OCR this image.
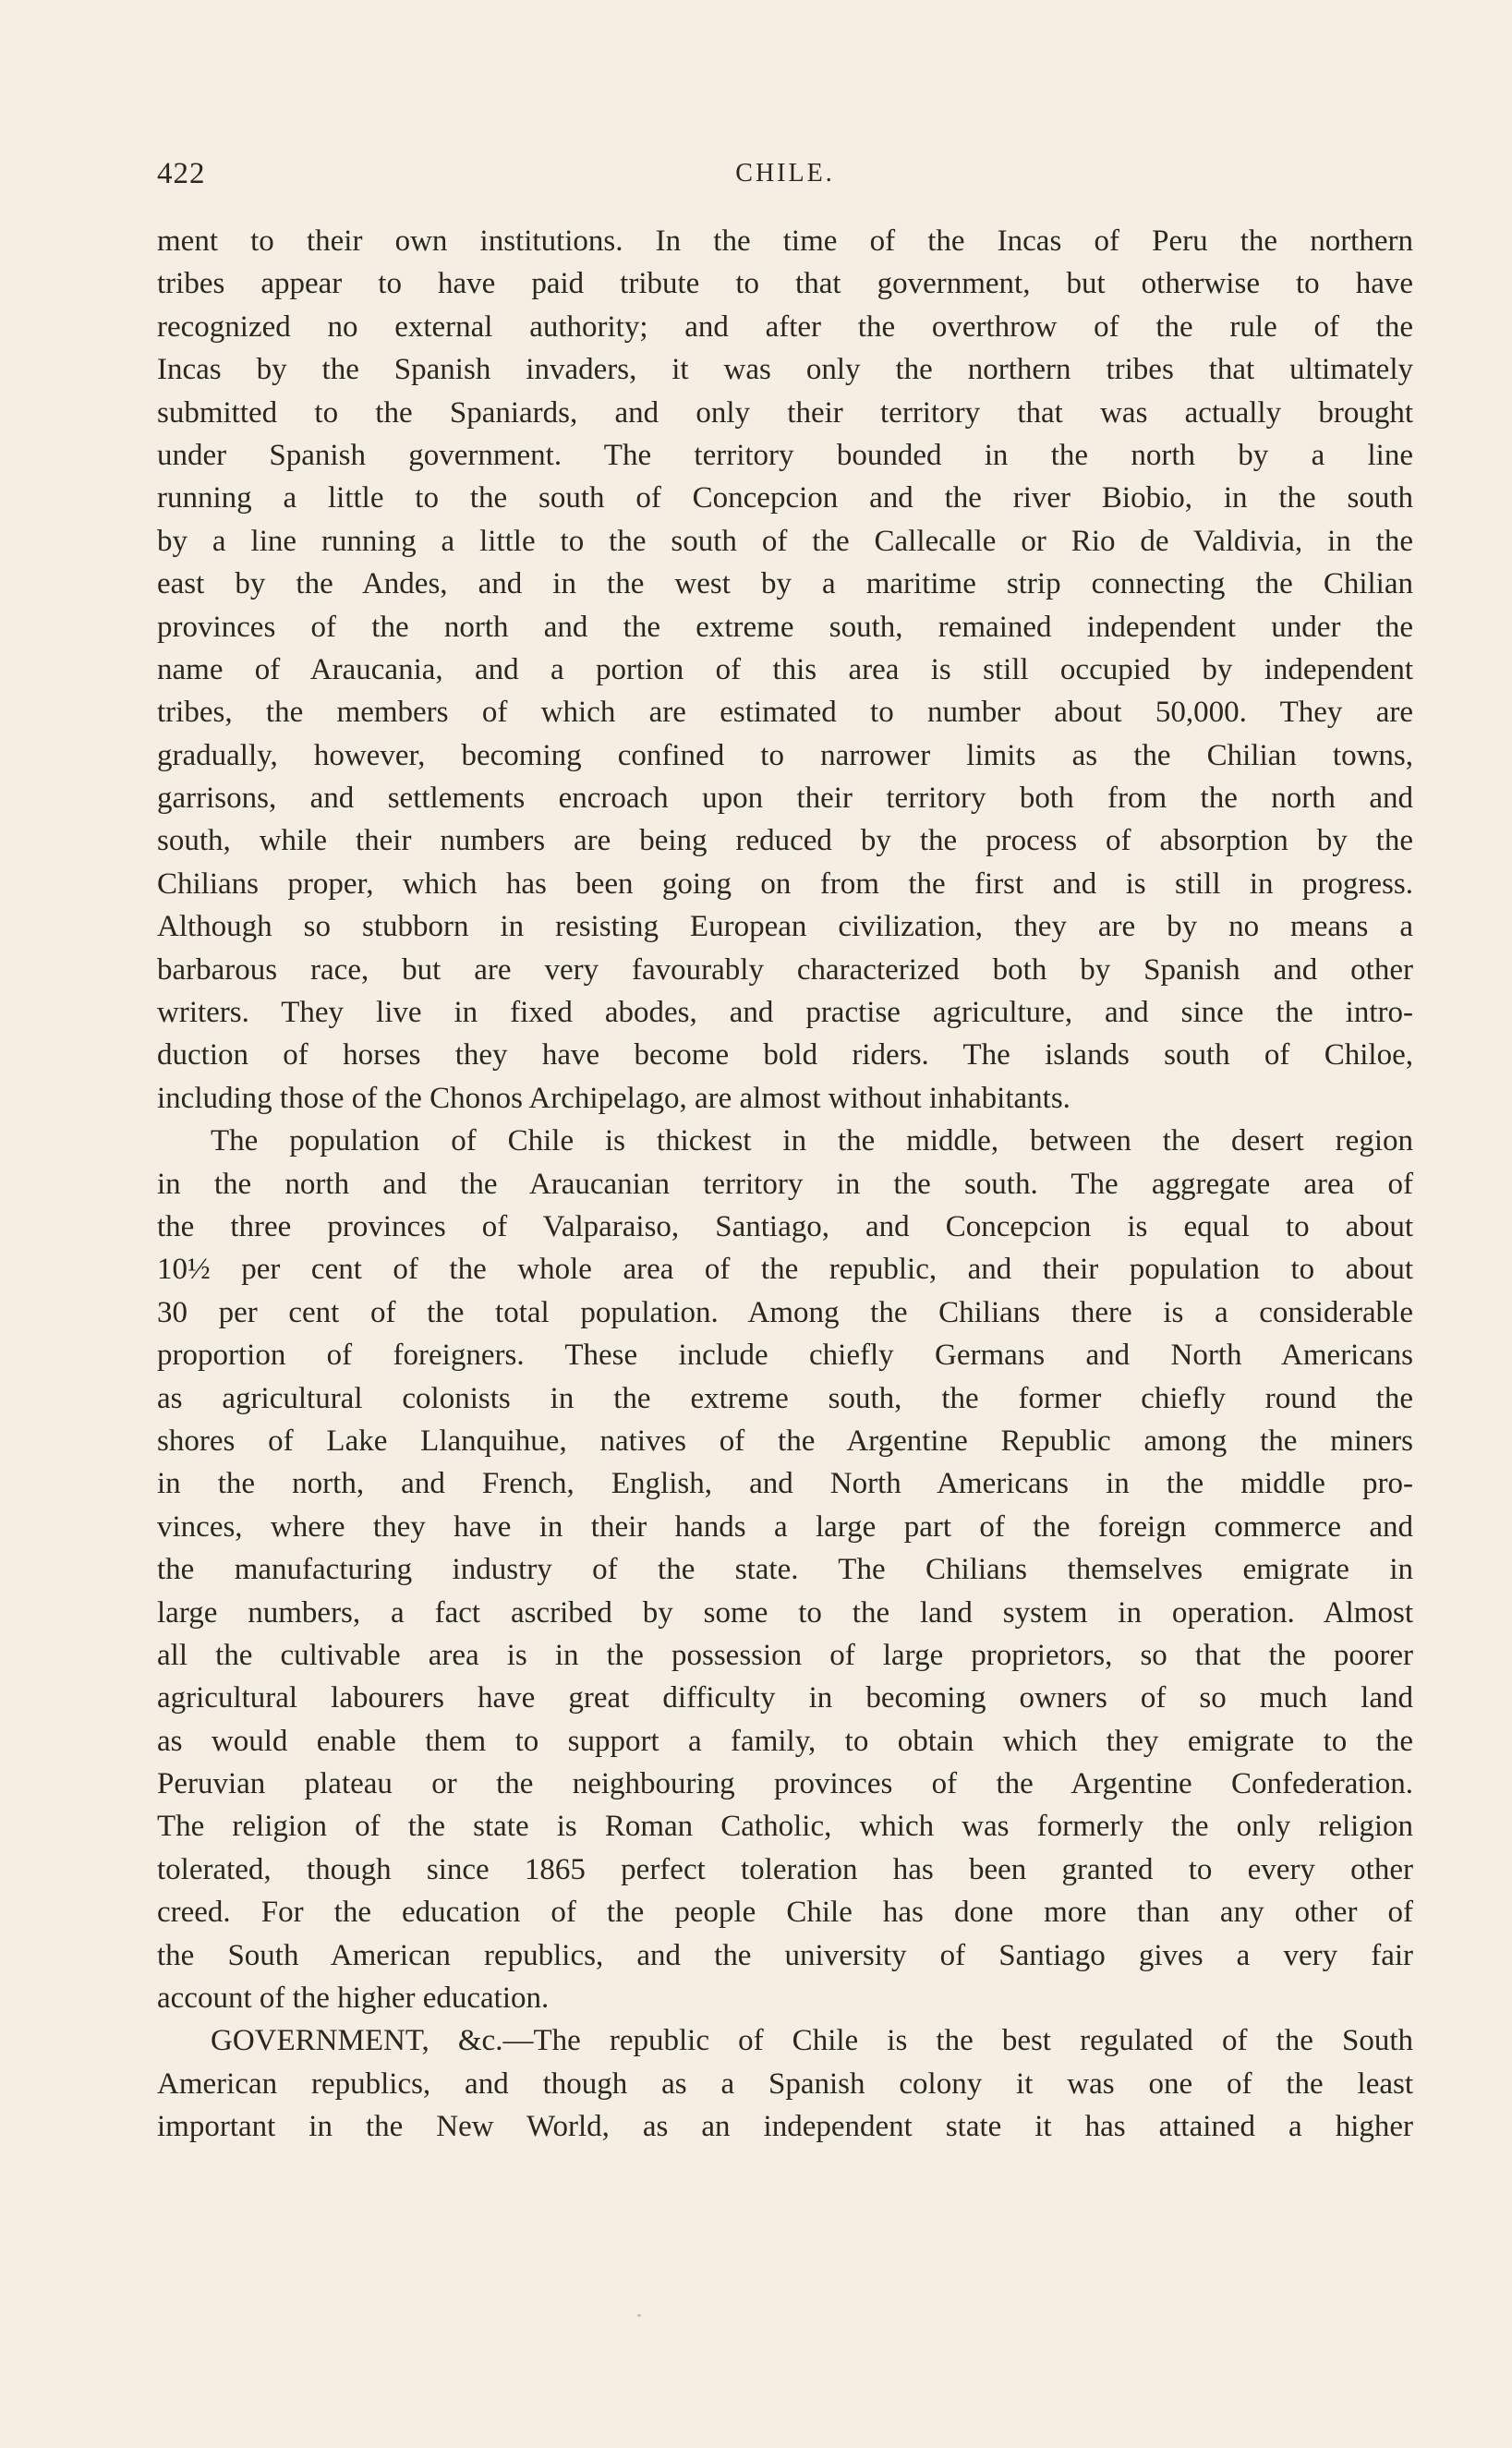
422	CHILE.
ment to their own institutions. In the time of the Incas of Peru the northern
tribes appear to have paid tribute to that government, but otherwise to have
recognized no external authority; and after the overthrow of the rule of the
Incas by the Spanish invaders, it was only the northern tribes that ultimately
submitted to the Spaniards, and only their territory that was actually brought
under Spanish government. The territory bounded in the north by a line
running a little to the south of Concepcion and the river Biobio, in the south
by a line running a little to the south of the Callecalle or Rio de Valdivia, in the
east by the Andes, and in the west by a maritime strip connecting the Chilian
provinces of the north and the extreme south, remained independent under the
name of Araucania, and a portion of this area is still occupied by independent
tribes, the members of which are estimated to number about 50,000. They are
gradually, however, becoming confined to narrower limits as the Chilian towns,
garrisons, and settlements encroach upon their territory both from the north and
south, while their numbers are being reduced by the process of absorption by the
Chilians proper, which has been going on from the first and is still in progress.
Although so stubborn in resisting European civilization, they are by no means a
barbarous race, but are very favourably characterized both by Spanish and other
writers. They live in fixed abodes, and practise agriculture, and since the intro-
duction of horses they have become bold riders. The islands south of Chiloe,
including those of the Chonos Archipelago, are almost without inhabitants.
The population of Chile is thickest in the middle, between the desert region
in the north and the Araucanian territory in the south. The aggregate area of
the three provinces of Valparaiso, Santiago, and Concepcion is equal to about
10½ per cent of the whole area of the republic, and their population to about
30 per cent of the total population. Among the Chilians there is a considerable
proportion of foreigners. These include chiefly Germans and North Americans
as agricultural colonists in the extreme south, the former chiefly round the
shores of Lake Llanquihue, natives of the Argentine Republic among the miners
in the north, and French, English, and North Americans in the middle pro-
vinces, where they have in their hands a large part of the foreign commerce and
the manufacturing industry of the state. The Chilians themselves emigrate in
large numbers, a fact ascribed by some to the land system in operation. Almost
all the cultivable area is in the possession of large proprietors, so that the poorer
agricultural labourers have great difficulty in becoming owners of so much land
as would enable them to support a family, to obtain which they emigrate to the
Peruvian plateau or the neighbouring provinces of the Argentine Confederation.
The religion of the state is Roman Catholic, which was formerly the only religion
tolerated, though since 1865 perfect toleration has been granted to every other
creed. For the education of the people Chile has done more than any other of
the South American republics, and the university of Santiago gives a very fair
account of the higher education.
GOVERNMENT, &c.—The republic of Chile is the best regulated of the South
American republics, and though as a Spanish colony it was one of the least
important in the New World, as an independent state it has attained a higher
